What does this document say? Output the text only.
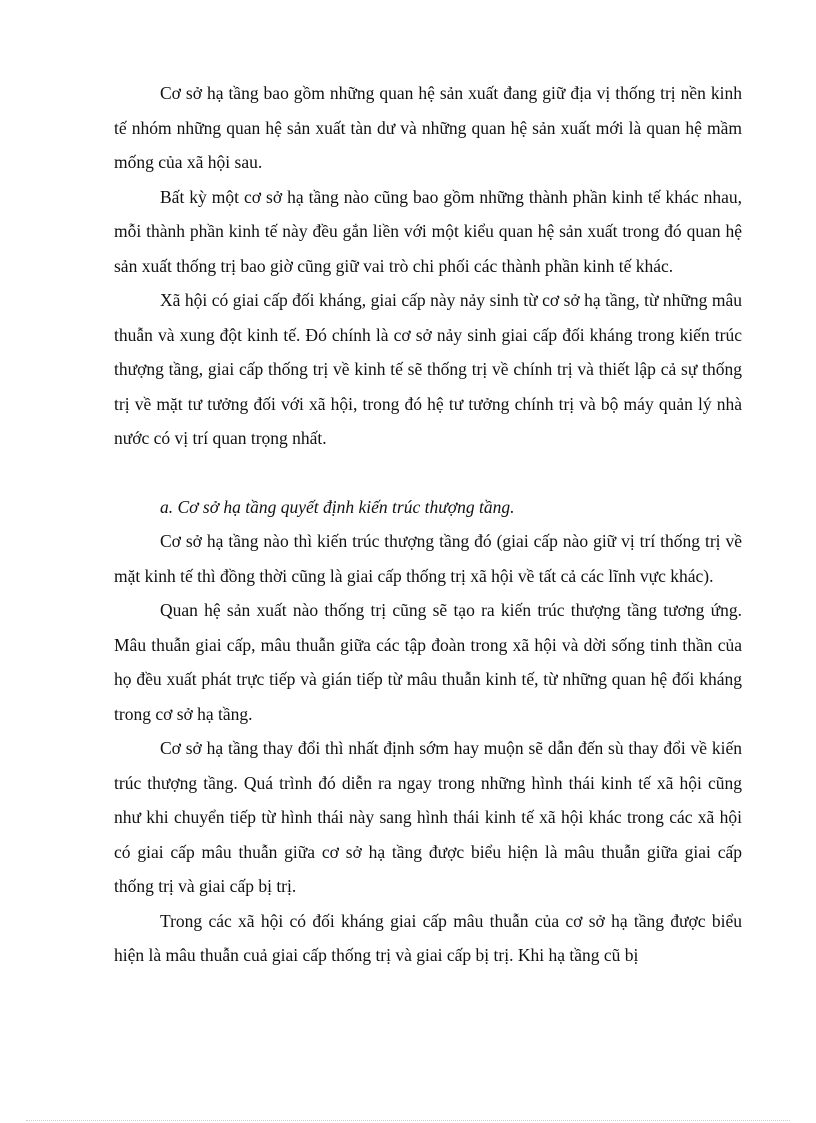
Cơ sở hạ tầng bao gồm những quan hệ sản xuất đang giữ địa vị thống trị nền kinh tế nhóm những quan hệ sản xuất tàn dư và những quan hệ sản xuất mới là quan hệ mầm mống của xã hội sau.

Bất kỳ một cơ sở hạ tầng nào cũng bao gồm những thành phần kinh tế khác nhau, mỗi thành phần kinh tế này đều gắn liền với một kiểu quan hệ sản xuất trong đó quan hệ sản xuất thống trị bao giờ cũng giữ vai trò chi phối các thành phần kinh tế khác.

Xã hội có giai cấp đối kháng, giai cấp này nảy sinh từ cơ sở hạ tầng, từ những mâu thuẫn và xung đột kinh tế. Đó chính là cơ sở nảy sinh giai cấp đối kháng trong kiến trúc thượng tầng, giai cấp thống trị về kinh tế sẽ thống trị về chính trị và thiết lập cả sự thống trị về mặt tư tưởng đối với xã hội, trong đó hệ tư tưởng chính trị và bộ máy quản lý nhà nước có vị trí quan trọng nhất.

a. Cơ sở hạ tầng quyết định kiến trúc thượng tầng.

Cơ sở hạ tầng nào thì kiến trúc thượng tầng đó (giai cấp nào giữ vị trí thống trị về mặt kinh tế thì đồng thời cũng là giai cấp thống trị xã hội về tất cả các lĩnh vực khác).

Quan hệ sản xuất nào thống trị cũng sẽ tạo ra kiến trúc thượng tầng tương ứng. Mâu thuẫn giai cấp, mâu thuẫn giữa các tập đoàn trong xã hội và dời sống tinh thần của họ đều xuất phát trực tiếp và gián tiếp từ mâu thuẫn kinh tế, từ những quan hệ đối kháng trong cơ sở hạ tầng.

Cơ sở hạ tầng thay đổi thì nhất định sớm hay muộn sẽ dẫn đến sù thay đổi về kiến trúc thượng tầng. Quá trình đó diễn ra ngay trong những hình thái kinh tế xã hội cũng như khi chuyển tiếp từ hình thái này sang hình thái kinh tế xã hội khác trong các xã hội có giai cấp mâu thuẫn giữa cơ sở hạ tầng được biểu hiện là mâu thuẫn giữa giai cấp thống trị và giai cấp bị trị.

Trong các xã hội có đối kháng giai cấp mâu thuẫn của cơ sở hạ tầng được biểu hiện là mâu thuẫn cuả giai cấp thống trị và giai cấp bị trị. Khi hạ tầng cũ bị
